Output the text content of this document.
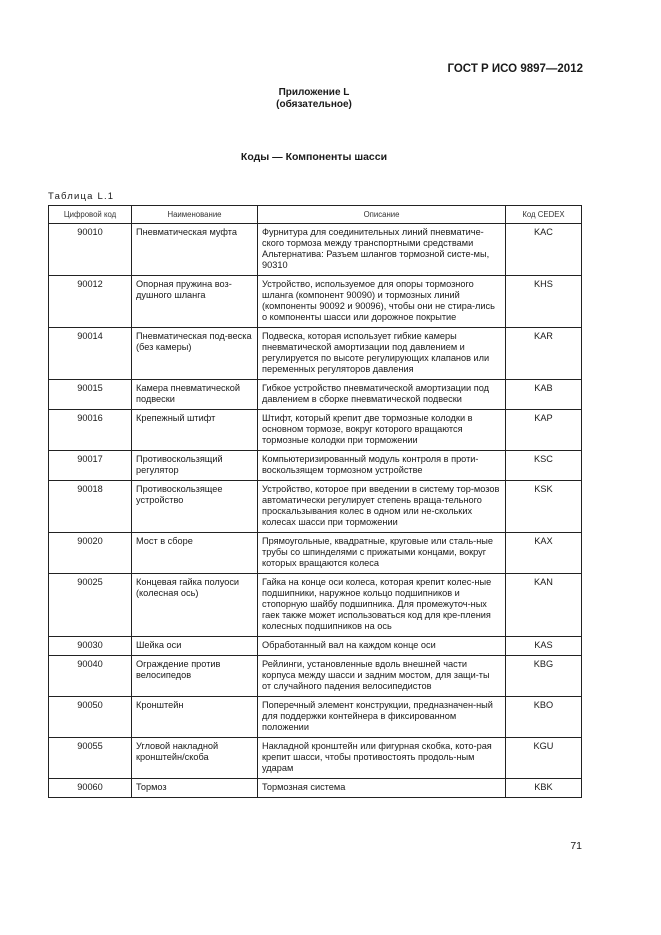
ГОСТ Р ИСО 9897—2012
Приложение L
(обязательное)
Коды — Компоненты шасси
Таблица L.1
Цифровой код	Наименование	Описание	Код CEDEX
90010	Пневматическая муфта	Фурнитура для соединительных линий пневматиче-ского тормоза между транспортными средствами Альтернатива: Разъем шлангов тормозной систе-мы, 90310	KAC
90012	Опорная пружина воз-душного шланга	Устройство, используемое для опоры тормозного шланга (компонент 90090) и тормозных линий (компоненты 90092 и 90096), чтобы они не стира-лись о компоненты шасси или дорожное покрытие	KHS
90014	Пневматическая под-веска (без камеры)	Подвеска, которая использует гибкие камеры пневматической амортизации под давлением и регулируется по высоте регулирующих клапанов или переменных регуляторов давления	KAR
90015	Камера пневматической подвески	Гибкое устройство пневматической амортизации под давлением в сборке пневматической подвески	KAB
90016	Крепежный штифт	Штифт, который крепит две тормозные колодки в основном тормозе, вокруг которого вращаются тормозные колодки при торможении	KAP
90017	Противоскользящий регулятор	Компьютеризированный модуль контроля в проти-воскользящем тормозном устройстве	KSC
90018	Противоскользящее устройство	Устройство, которое при введении в систему тор-мозов автоматически регулирует степень враща-тельного проскальзывания колес в одном или не-скольких колесах шасси при торможении	KSK
90020	Мост в сборе	Прямоугольные, квадратные, круговые или сталь-ные трубы со шпинделями с прижатыми концами, вокруг которых вращаются колеса	KAX
90025	Концевая гайка полуоси (колесная ось)	Гайка на конце оси колеса, которая крепит колес-ные подшипники, наружное кольцо подшипников и стопорную шайбу подшипника. Для промежуточ-ных гаек также может использоваться код для кре-пления колесных подшипников на ось	KAN
90030	Шейка оси	Обработанный вал на каждом конце оси	KAS
90040	Ограждение против велосипедов	Рейлинги, установленные вдоль внешней части корпуса между шасси и задним мостом, для защи-ты от случайного падения велосипедистов	KBG
90050	Кронштейн	Поперечный элемент конструкции, предназначен-ный для поддержки контейнера в фиксированном положении	KBO
90055	Угловой накладной кронштейн/скоба	Накладной кронштейн или фигурная скобка, кото-рая крепит шасси, чтобы противостоять продоль-ным ударам	KGU
90060	Тормоз	Тормозная система	KBK
71
